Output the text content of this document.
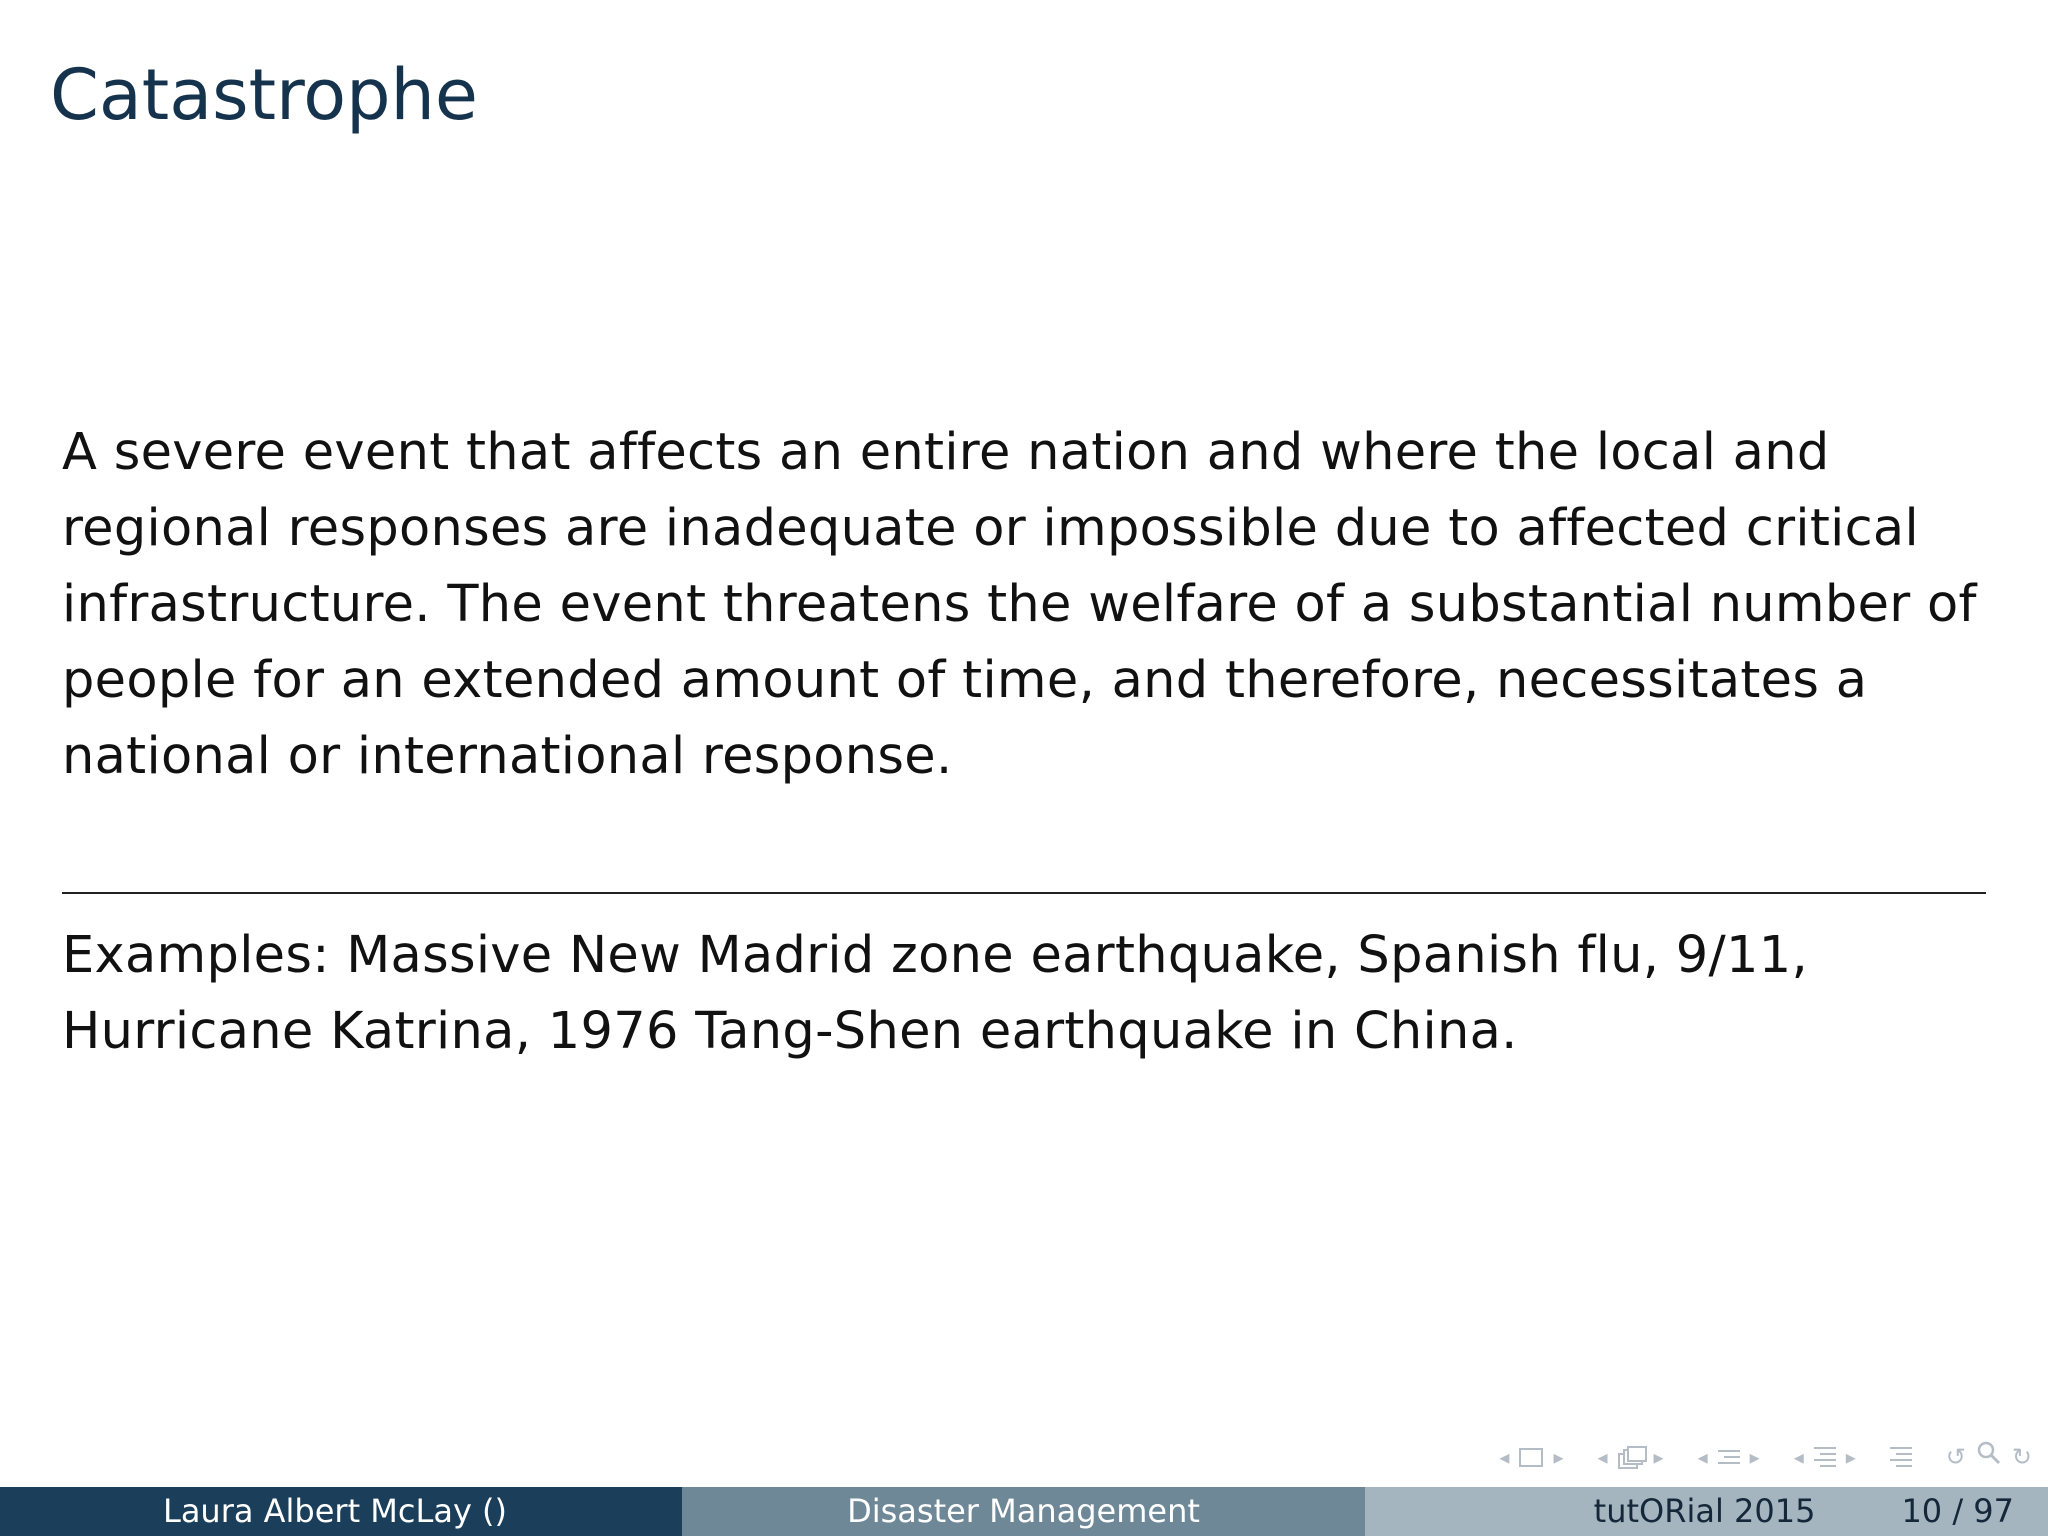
Catastrophe

A severe event that affects an entire nation and where the local and regional responses are inadequate or impossible due to affected critical infrastructure. The event threatens the welfare of a substantial number of people for an extended amount of time, and therefore, necessitates a national or international response.

Examples: Massive New Madrid zone earthquake, Spanish flu, 9/11, Hurricane Katrina, 1976 Tang-Shen earthquake in China.

◂ ▸ ◂ ▸ ◂ ▸ ◂ ▸	↺ ↻
Laura Albert McLay ()	Disaster Management	tutORial 2015	10 / 97
